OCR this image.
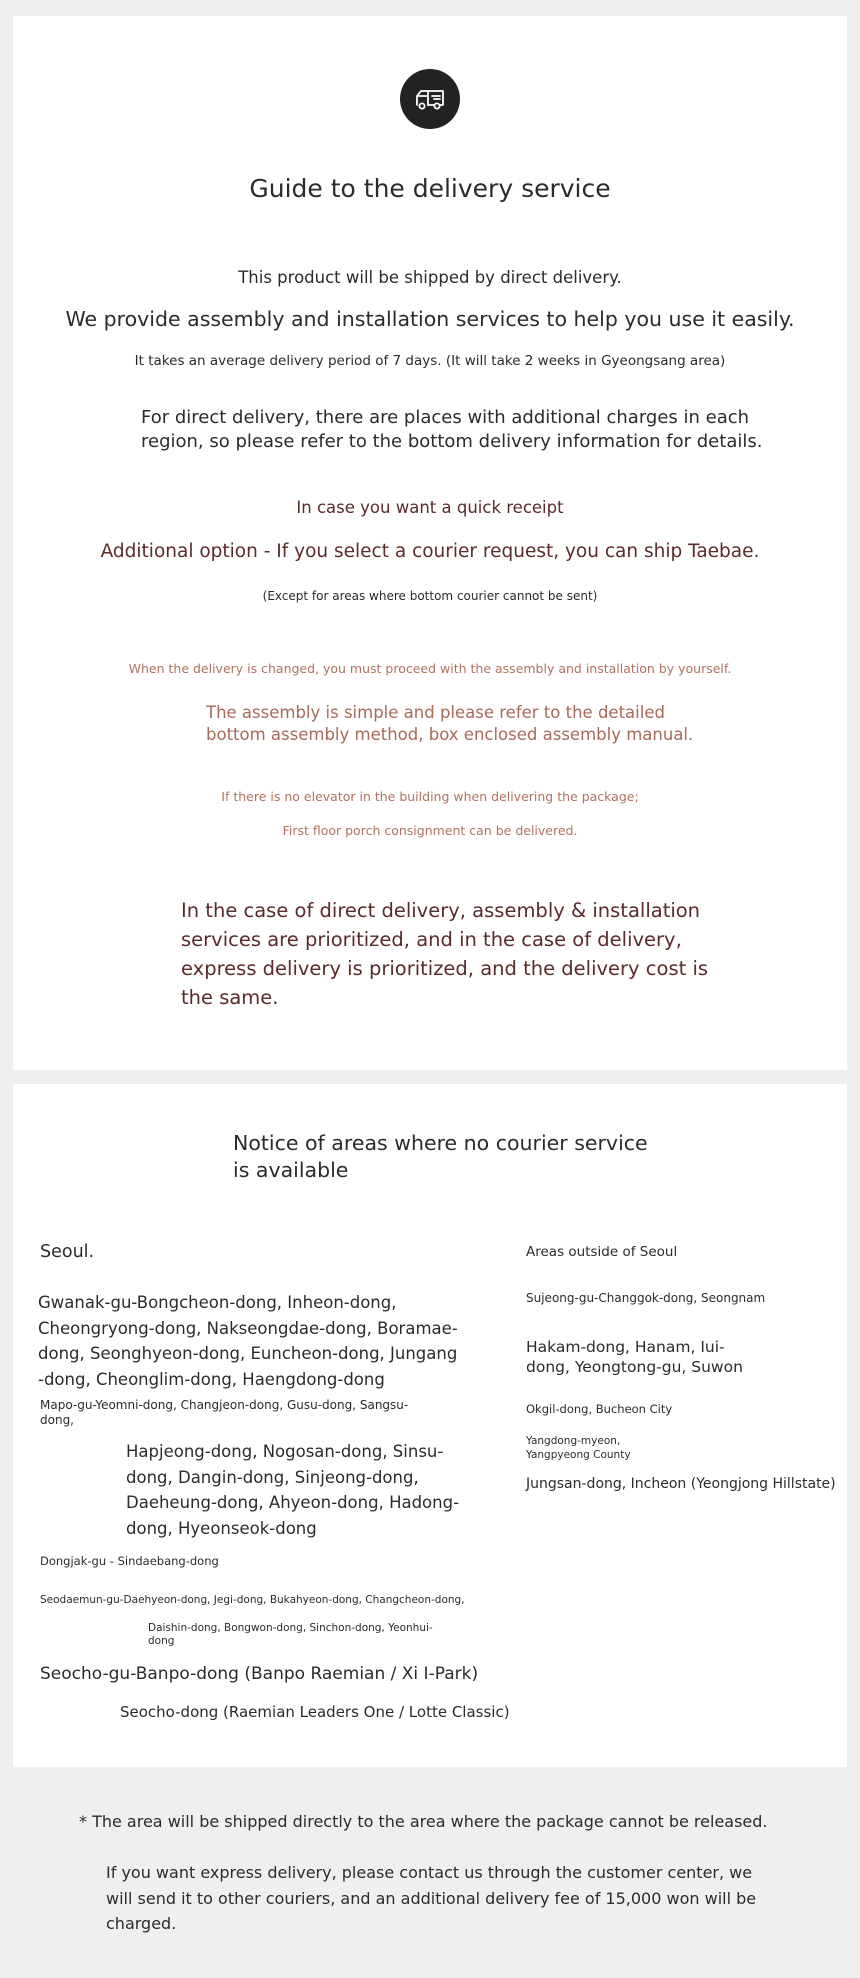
Guide to the delivery service
This product will be shipped by direct delivery.
We provide assembly and installation services to help you use it easily.
It takes an average delivery period of 7 days. (It will take 2 weeks in Gyeongsang area)
For direct delivery, there are places with additional charges in each
region, so please refer to the bottom delivery information for details.
In case you want a quick receipt
Additional option - If you select a courier request, you can ship Taebae.
(Except for areas where bottom courier cannot be sent)
When the delivery is changed, you must proceed with the assembly and installation by yourself.
The assembly is simple and please refer to the detailed
bottom assembly method, box enclosed assembly manual.
If there is no elevator in the building when delivering the package;
First floor porch consignment can be delivered.
In the case of direct delivery, assembly & installation
services are prioritized, and in the case of delivery,
express delivery is prioritized, and the delivery cost is
the same.
Notice of areas where no courier service
is available
Seoul.
Gwanak-gu-Bongcheon-dong, Inheon-dong,
Cheongryong-dong, Nakseongdae-dong, Boramae-
dong, Seonghyeon-dong, Euncheon-dong, Jungang
-dong, Cheonglim-dong, Haengdong-dong
Mapo-gu-Yeomni-dong, Changjeon-dong, Gusu-dong, Sangsu-
dong,
Hapjeong-dong, Nogosan-dong, Sinsu-
dong, Dangin-dong, Sinjeong-dong,
Daeheung-dong, Ahyeon-dong, Hadong-
dong, Hyeonseok-dong
Dongjak-gu - Sindaebang-dong
Seodaemun-gu-Daehyeon-dong, Jegi-dong, Bukahyeon-dong, Changcheon-dong,
Daishin-dong, Bongwon-dong, Sinchon-dong, Yeonhui-
dong
Seocho-gu-Banpo-dong (Banpo Raemian / Xi I-Park)
Seocho-dong (Raemian Leaders One / Lotte Classic)
Areas outside of Seoul
Sujeong-gu-Changgok-dong, Seongnam
Hakam-dong, Hanam, Iui-
dong, Yeongtong-gu, Suwon
Okgil-dong, Bucheon City
Yangdong-myeon,
Yangpyeong County
Jungsan-dong, Incheon (Yeongjong Hillstate)
* The area will be shipped directly to the area where the package cannot be released.
If you want express delivery, please contact us through the customer center, we
will send it to other couriers, and an additional delivery fee of 15,000 won will be
charged.
